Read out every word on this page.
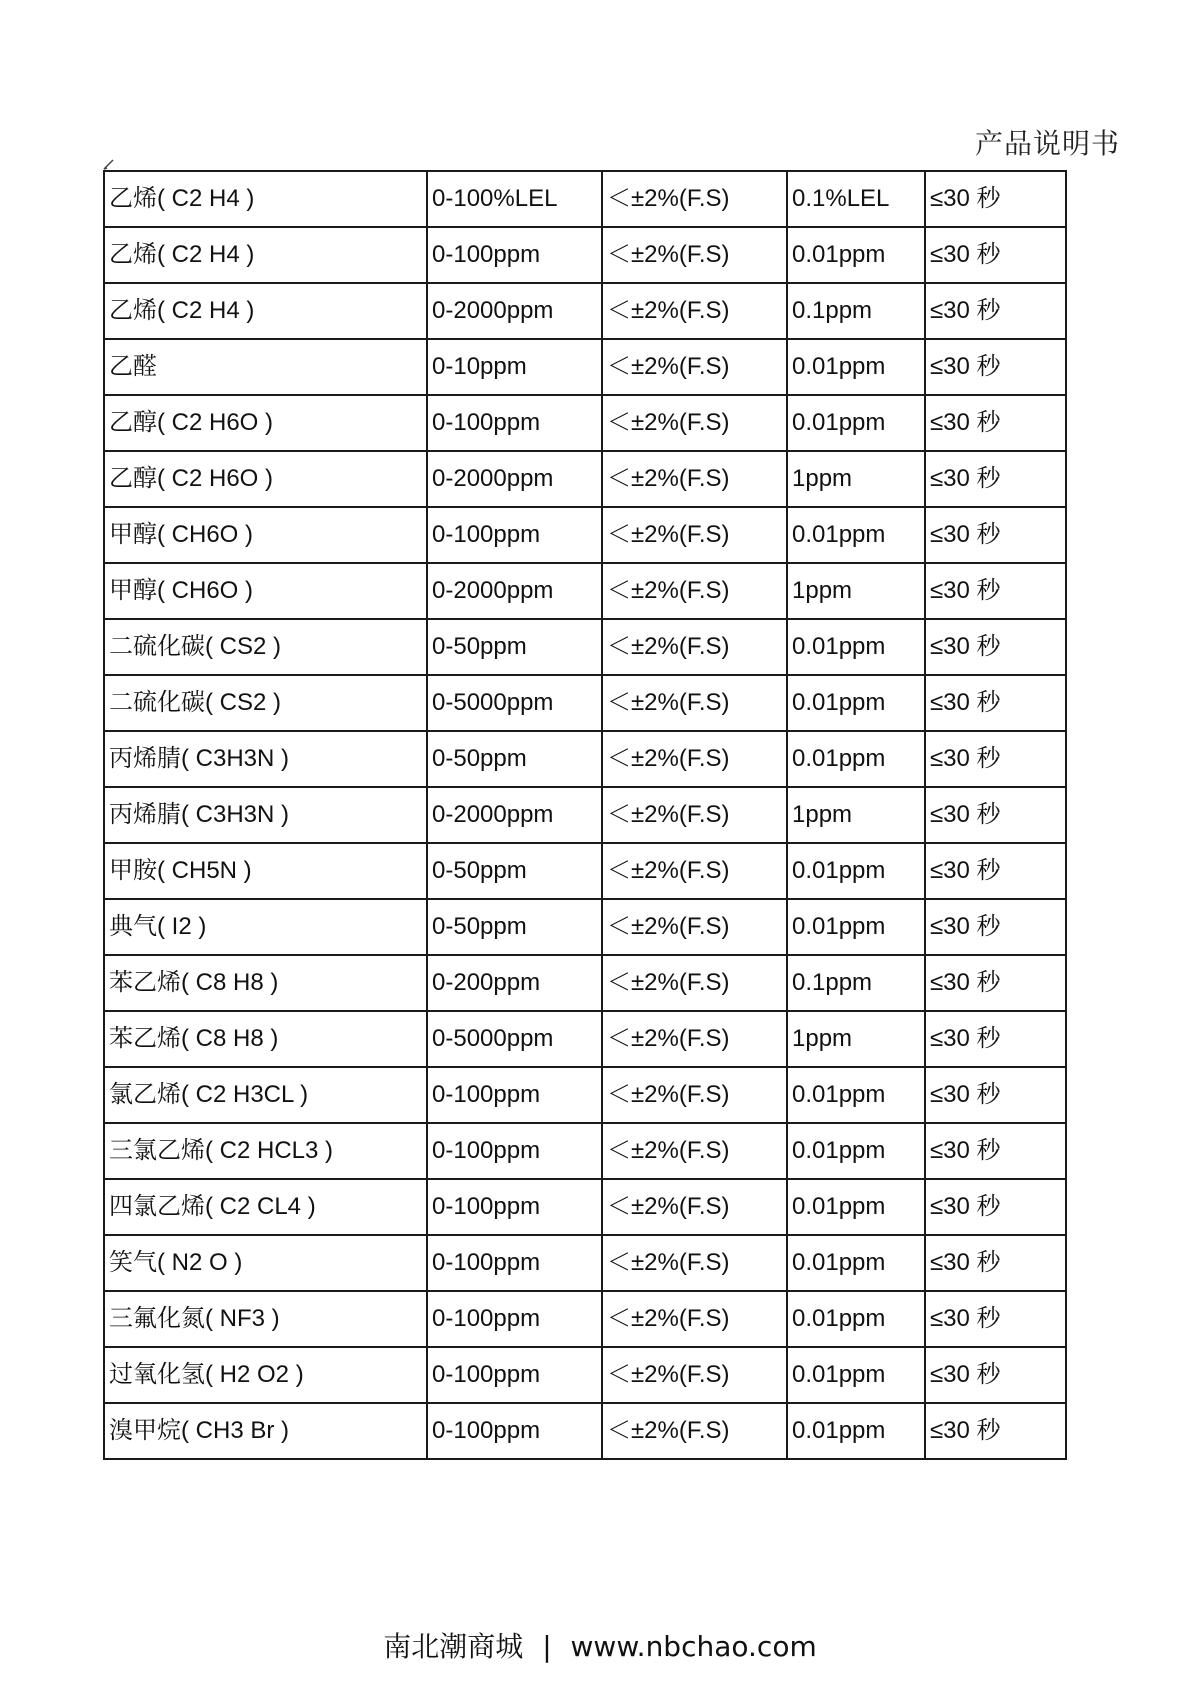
产品说明书
乙烯( C2 H4 )	0-100%LEL	＜±2%(F.S)	0.1%LEL	≤30 秒
乙烯( C2 H4 )	0-100ppm	＜±2%(F.S)	0.01ppm	≤30 秒
乙烯( C2 H4 )	0-2000ppm	＜±2%(F.S)	0.1ppm	≤30 秒
乙醛	0-10ppm	＜±2%(F.S)	0.01ppm	≤30 秒
乙醇( C2 H6O )	0-100ppm	＜±2%(F.S)	0.01ppm	≤30 秒
乙醇( C2 H6O )	0-2000ppm	＜±2%(F.S)	1ppm	≤30 秒
甲醇( CH6O )	0-100ppm	＜±2%(F.S)	0.01ppm	≤30 秒
甲醇( CH6O )	0-2000ppm	＜±2%(F.S)	1ppm	≤30 秒
二硫化碳( CS2 )	0-50ppm	＜±2%(F.S)	0.01ppm	≤30 秒
二硫化碳( CS2 )	0-5000ppm	＜±2%(F.S)	0.01ppm	≤30 秒
丙烯腈( C3H3N )	0-50ppm	＜±2%(F.S)	0.01ppm	≤30 秒
丙烯腈( C3H3N )	0-2000ppm	＜±2%(F.S)	1ppm	≤30 秒
甲胺( CH5N )	0-50ppm	＜±2%(F.S)	0.01ppm	≤30 秒
典气( I2 )	0-50ppm	＜±2%(F.S)	0.01ppm	≤30 秒
苯乙烯( C8 H8 )	0-200ppm	＜±2%(F.S)	0.1ppm	≤30 秒
苯乙烯( C8 H8 )	0-5000ppm	＜±2%(F.S)	1ppm	≤30 秒
氯乙烯( C2 H3CL )	0-100ppm	＜±2%(F.S)	0.01ppm	≤30 秒
三氯乙烯( C2 HCL3 )	0-100ppm	＜±2%(F.S)	0.01ppm	≤30 秒
四氯乙烯( C2 CL4 )	0-100ppm	＜±2%(F.S)	0.01ppm	≤30 秒
笑气( N2 O )	0-100ppm	＜±2%(F.S)	0.01ppm	≤30 秒
三氟化氮( NF3 )	0-100ppm	＜±2%(F.S)	0.01ppm	≤30 秒
过氧化氢( H2 O2 )	0-100ppm	＜±2%(F.S)	0.01ppm	≤30 秒
溴甲烷( CH3 Br )	0-100ppm	＜±2%(F.S)	0.01ppm	≤30 秒
南北潮商城 | www.nbchao.com
